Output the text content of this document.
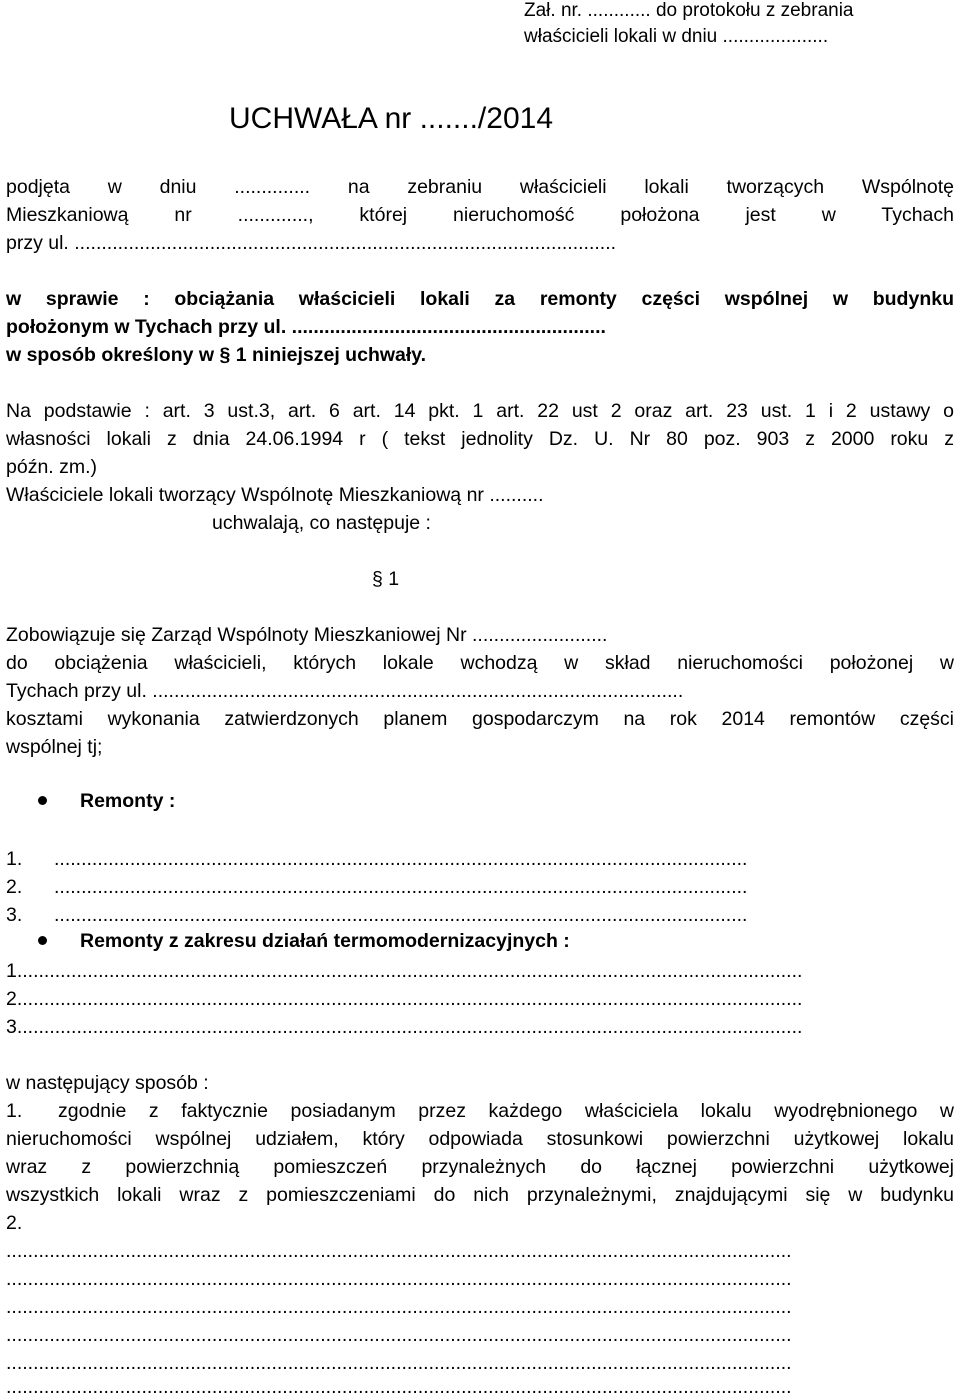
Zał. nr. ............ do protokołu z zebrania
właścicieli lokali w dniu ....................
UCHWAŁA nr ......./2014
podjęta w dniu .............. na zebraniu właścicieli lokali tworzących Wspólnotę
Mieszkaniową nr ............., której nieruchomość położona jest w Tychach
przy ul. ....................................................................................................
w sprawie : obciążania właścicieli lokali za remonty części wspólnej w budynku
położonym w Tychach przy ul. ..........................................................
w sposób określony w § 1 niniejszej uchwały.
Na podstawie : art. 3 ust.3, art. 6 art. 14 pkt. 1 art. 22 ust 2 oraz art. 23 ust. 1 i 2 ustawy o
własności lokali z dnia 24.06.1994 r ( tekst jednolity Dz. U. Nr 80 poz. 903 z 2000 roku z
późn. zm.)
Właściciele lokali tworzący Wspólnotę Mieszkaniową nr ..........
uchwalają, co następuje :
§ 1
Zobowiązuje się Zarząd Wspólnoty Mieszkaniowej Nr .........................
do obciążenia właścicieli, których lokale wchodzą w skład nieruchomości położonej w
Tychach przy ul. ..................................................................................................
kosztami wykonania zatwierdzonych planem gospodarczym na rok 2014 remontów części
wspólnej tj;
Remonty :
1. ................................................................................................................................
2. ................................................................................................................................
3. ................................................................................................................................
Remonty z zakresu działań termomodernizacyjnych :
1.................................................................................................................................................
2.................................................................................................................................................
3.................................................................................................................................................
w następujący sposób :
1.	zgodnie z faktycznie posiadanym przez każdego właściciela lokalu wyodrębnionego w
nieruchomości wspólnej udziałem, który odpowiada stosunkowi powierzchni użytkowej lokalu
wraz z powierzchnią pomieszczeń przynależnych do łącznej powierzchni użytkowej
wszystkich lokali wraz z pomieszczeniami do nich przynależnymi, znajdującymi się w budynku
2.
.................................................................................................................................................
.................................................................................................................................................
.................................................................................................................................................
.................................................................................................................................................
.................................................................................................................................................
.................................................................................................................................................
